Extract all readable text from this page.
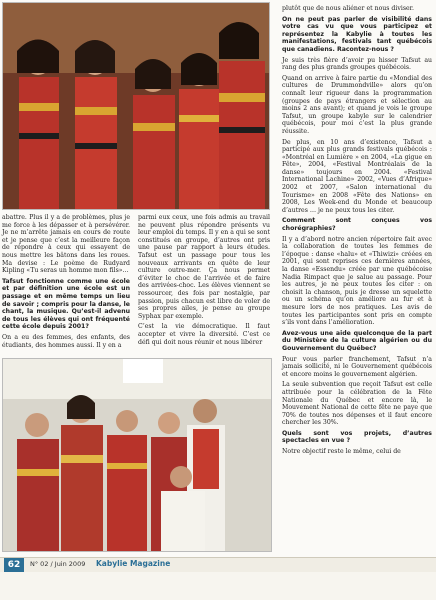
plutôt que de nous aliéner et nous diviser.

On ne peut pas parler de visibilité dans votre cas vu que vous participez et représentez la Kabylie à toutes les manifestations, festivals tant québécois que canadiens. Racontez-nous ?

Je suis très fière d’avoir pu hisser Tafsut au rang des plus grands groupes québécois.

Quand on arrive à faire partie du «Mondial des cultures de Drummondville» alors qu’on connaît leur rigueur dans la programmation (groupes de pays étrangers et sélection au moins 2 ans avant); et quand je vois le groupe Tafsut, un groupe kabyle sur le calendrier québécois, pour moi c’est la plus grande réussite.

De plus, en 10 ans d’existence, Tafsut a participé aux plus grands festivals québécois : «Montréal en Lumière » en 2004, «La gigue en Fête», 2004, «Festival Montréalais de la danse» toujours en 2004. «Festival International Lachine» 2002, «Vues d’Afrique» 2002 et 2007, «Salon international du Tourisme» en 2008 «Fête des Nations» en 2008, Les Week-end du Monde et beaucoup d’autres … je ne peux tous les citer.

Comment sont conçues vos chorégraphies?

Il y a d’abord notre ancien répertoire fait avec la collaboration de toutes les femmes de l’époque : danse «halu» et «Thiwizi» créées en 2001, qui sont reprises ces dernières années, la danse «Essendu» créée par une québécoise Nadia Rimpact que je salue au passage. Pour les autres, je ne peux toutes les citer : on choisit la chanson, puis je dresse un squelette ou un schéma qu’on améliore au fur et à mesure lors de nos pratiques. Les avis de toutes les participantes sont pris en compte s’ils vont dans l’amélioration.

Avez-vous une aide quelconque de la part du Ministère de la culture algérien ou du Gouvernement du Québec?

Pour vous parler franchement, Tafsut n’a jamais sollicité, ni le Gouvernement québécois et encore moins le gouvernement algérien.

La seule subvention que reçoit Tafsut est celle attribuée pour la célébration de la Fête Nationale du Québec et encore là, le Mouvement National de cette fête ne paye que 70% de toutes nos dépenses et il faut encore chercher les 30%.

Quels sont vos projets, d’autres spectacles en vue ?

Notre objectif reste le même, celui de

abattre. Plus il y a de problèmes, plus je me force à les dépasser et à persévérer. Je ne m’arrête jamais en cours de route et je pense que c’est la meilleure façon de répondre à ceux qui essayent de nous mettre les bâtons dans les roues. Ma devise : Le poème de Rudyard Kipling «Tu seras un homme mon fils»…

Tafsut fonctionne comme une école et par définition une école est un passage et en même temps un lieu de savoir ; compris pour la danse, le chant, la musique. Qu’est-il advenu de tous les élèves qui ont fréquenté cette école depuis 2001?

On a eu des femmes, des enfants, des étudiants, des hommes aussi. Il y en a

parmi eux ceux, une fois admis au travail ne peuvent plus répondre présents vu leur emploi du temps. Il y en a qui se sont constitués en groupe, d’autres ont pris une pause par rapport à leurs études. Tafsut est un passage pour tous les nouveaux arrivants en quête de leur culture outre-mer. Ça nous permet d’éviter le choc de l’arrivée et de faire des arrivées-choc. Les élèves viennent se ressourcer, des fois par nostalgie, par passion, puis chacun est libre de voler de ses propres ailes, je pense au groupe Syphax par exemple.

C’est la vie démocratique. Il faut accepter et vivre la diversité. C’est ce défi qui doit nous réunir et nous libérer

62	N° 02 / Juin 2009 Kabylie Magazine
